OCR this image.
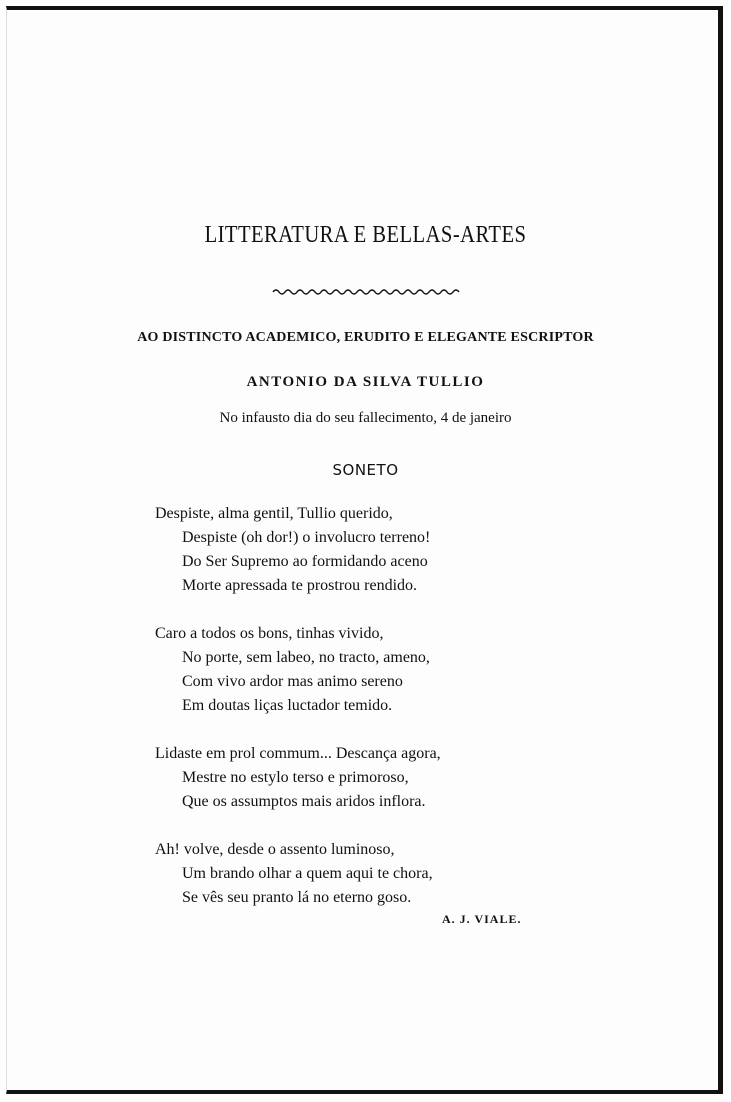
LITTERATURA E BELLAS-ARTES
AO DISTINCTO ACADEMICO, ERUDITO E ELEGANTE ESCRIPTOR
ANTONIO DA SILVA TULLIO
No infausto dia do seu fallecimento, 4 de janeiro
SONETO
Despiste, alma gentil, Tullio querido,
Despiste (oh dor!) o involucro terreno!
Do Ser Supremo ao formidando aceno
Morte apressada te prostrou rendido.
Caro a todos os bons, tinhas vivido,
No porte, sem labeo, no tracto, ameno,
Com vivo ardor mas animo sereno
Em doutas liças luctador temido.
Lidaste em prol commum... Descança agora,
Mestre no estylo terso e primoroso,
Que os assumptos mais aridos inflora.
Ah! volve, desde o assento luminoso,
Um brando olhar a quem aqui te chora,
Se vês seu pranto lá no eterno goso.
A. J. VIALE.
